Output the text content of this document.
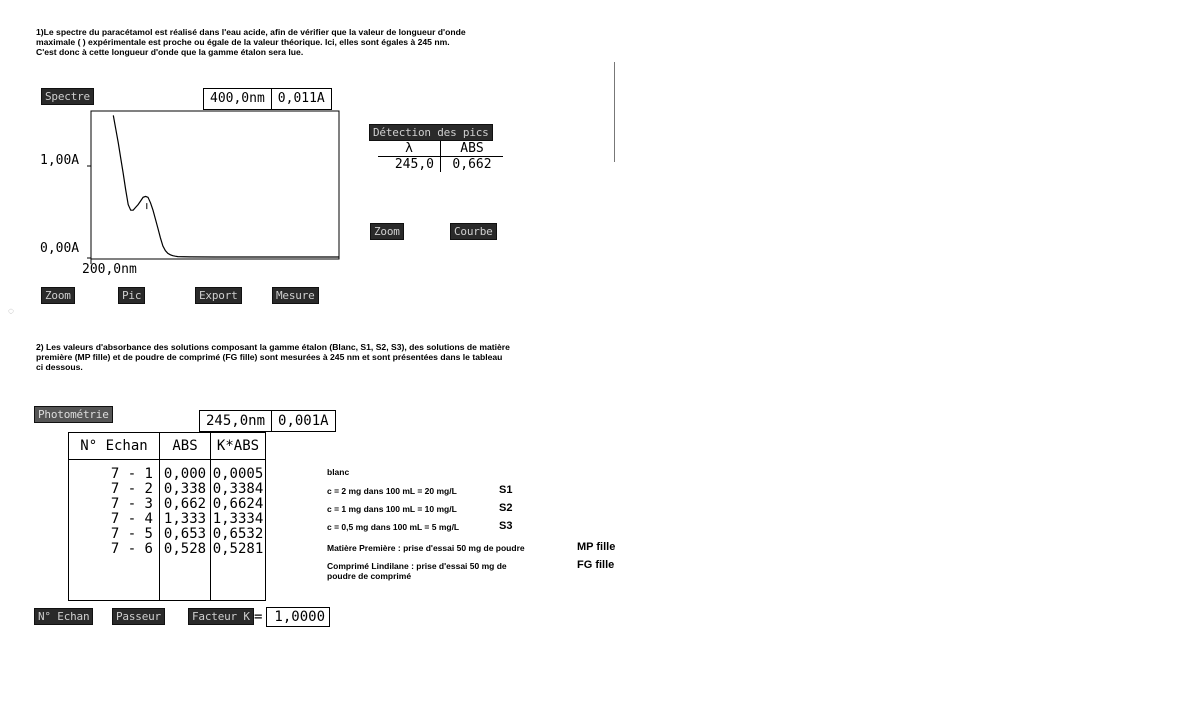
1)Le spectre du paracétamol est réalisé dans l'eau acide, afin de vérifier que la valeur de longueur d'onde
maximale ( ) expérimentale est proche ou égale de la valeur théorique. Ici, elles sont égales à 245 nm.
C'est donc à cette longueur d'onde que la gamme étalon sera lue.
Spectre	400,0nm	0,011A
1,00A
0,00A
200,0nm
Zoom	Pic	Export	Mesure
Détection des pics
λ	ABS
245,0	0,662
Zoom	Courbe
◌
2) Les valeurs d'absorbance des solutions composant la gamme étalon (Blanc, S1, S2, S3), des solutions de matière
première (MP fille) et de poudre de comprimé (FG fille) sont mesurées à 245 nm et sont présentées dans le tableau
ci dessous.
Photométrie	245,0nm 0,001A
N° Echan	ABS	K*ABS
7 - 1 0,000 0,0005
7 - 2 0,338 0,3384
7 - 3 0,662 0,6624
7 - 4 1,333 1,3334
7 - 5 0,653 0,6532
7 - 6 0,528 0,5281
N° Echan	Passeur	Facteur K = 1,0000
blanc
c = 2 mg dans 100 mL = 20 mg/L	S1
c = 1 mg dans 100 mL = 10 mg/L	S2
c = 0,5 mg dans 100 mL = 5 mg/L	S3
Matière Première : prise d'essai 50 mg de poudre	MP fille
Comprimé Lindilane : prise d'essai 50 mg de
poudre de comprimé
FG fille
